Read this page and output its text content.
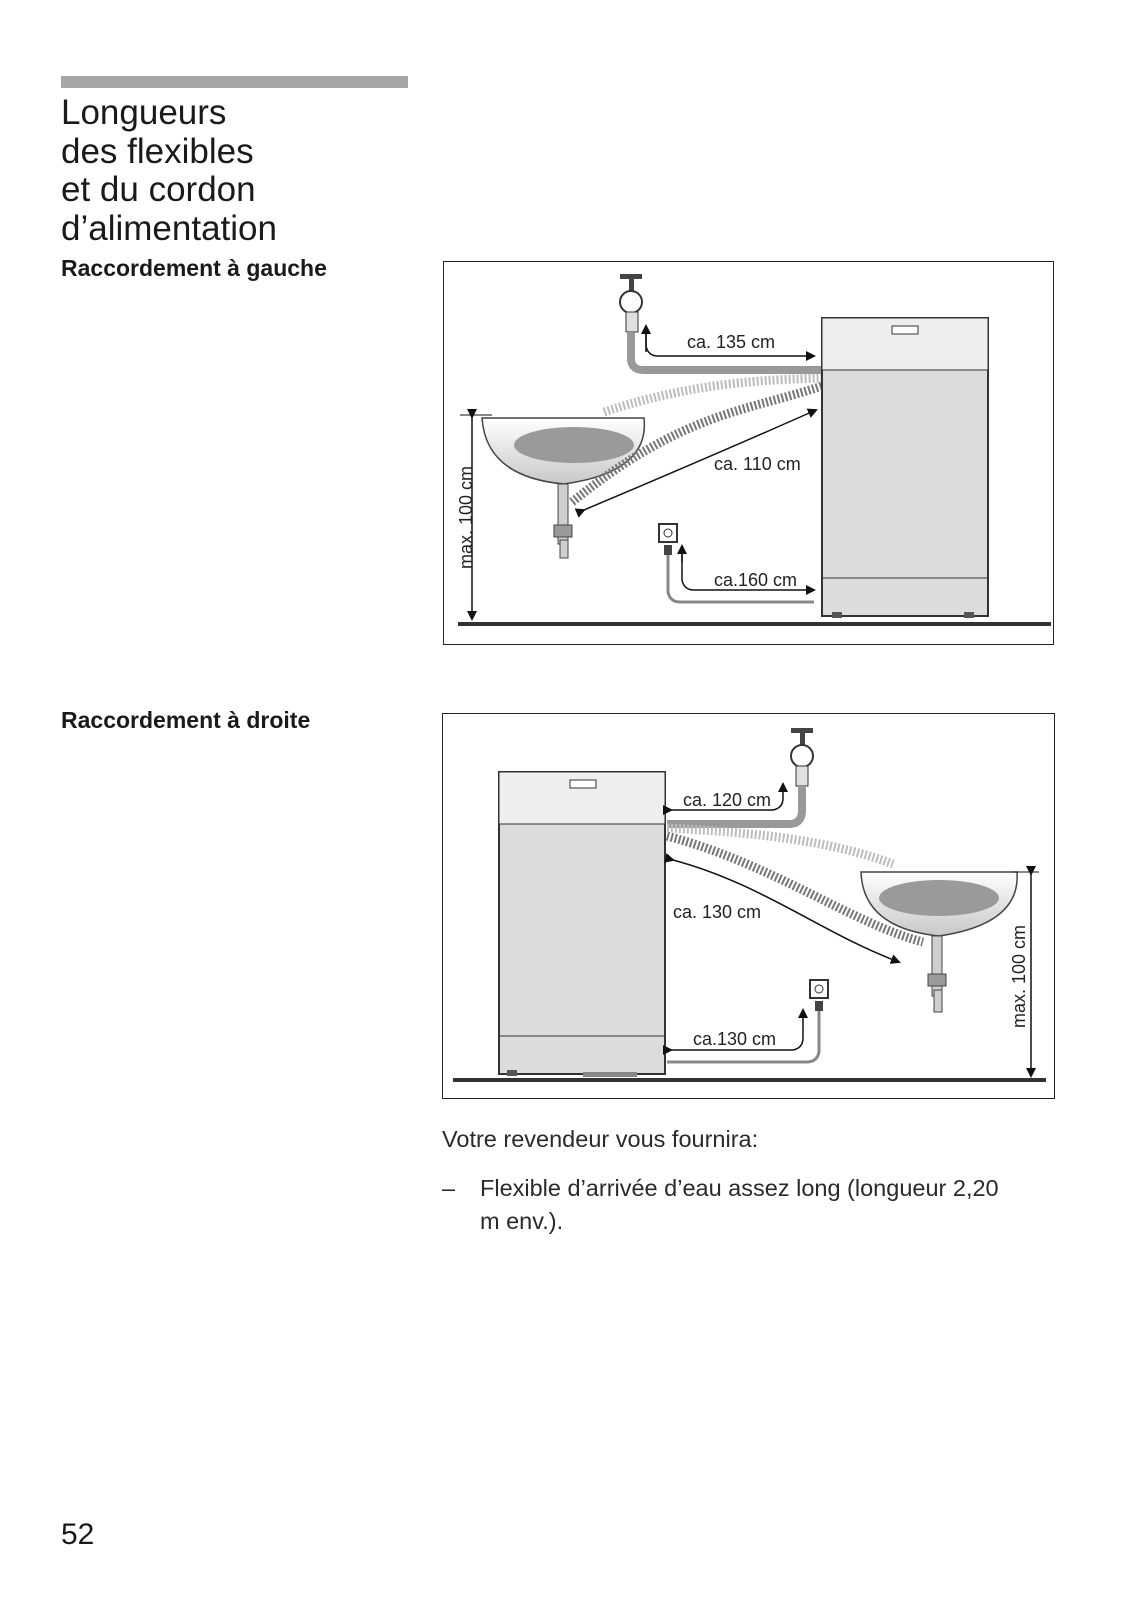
Longueurs
des flexibles
et du cordon
d’alimentation
Raccordement à gauche
max. 100 cm
ca. 135 cm
ca. 110 cm
ca.160 cm
Raccordement à droite
ca. 120 cm
ca. 130 cm
ca.130 cm
max. 100 cm

Votre revendeur vous fournira:

– Flexible d’arrivée d’eau assez long (longueur 2,20 m env.).
52
